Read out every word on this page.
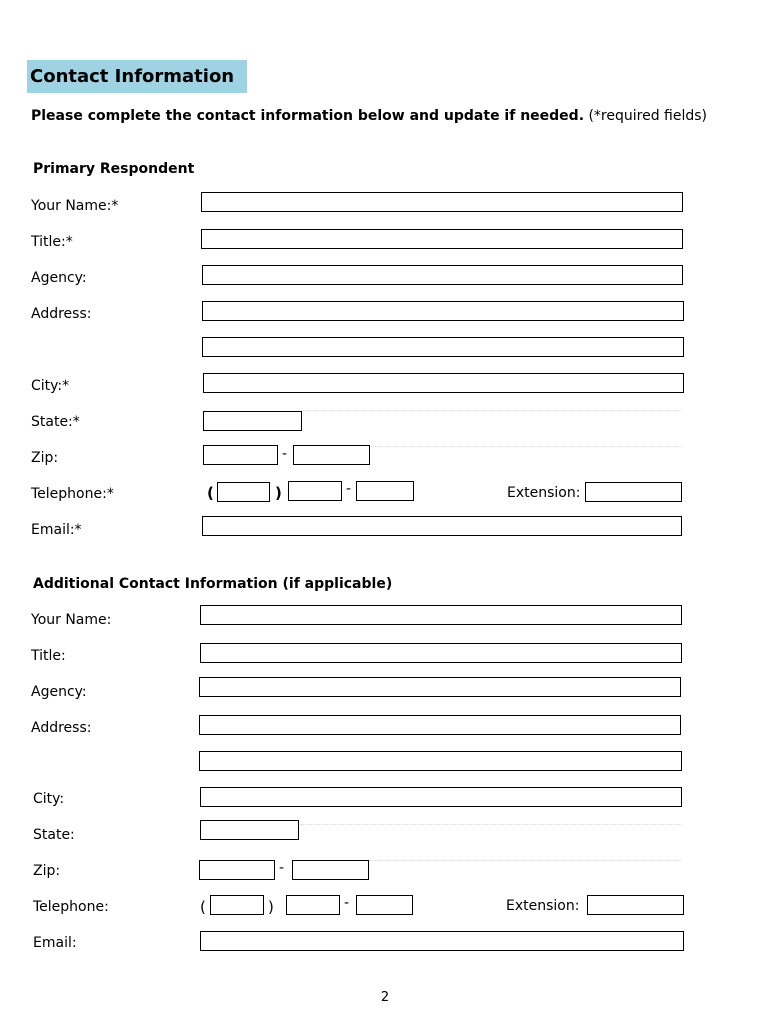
Contact Information
Please complete the contact information below and update if needed. (*required fields)
Primary Respondent
Your Name:*
Title:*
Agency:
Address:
City:*
State:*
Zip:	-
Telephone:*	(	)	-	Extension:
Email:*
Additional Contact Information (if applicable)
Your Name:
Title:
Agency:
Address:
City:
State:
Zip:	-
Telephone:	(	)	-	Extension:
Email:
2
